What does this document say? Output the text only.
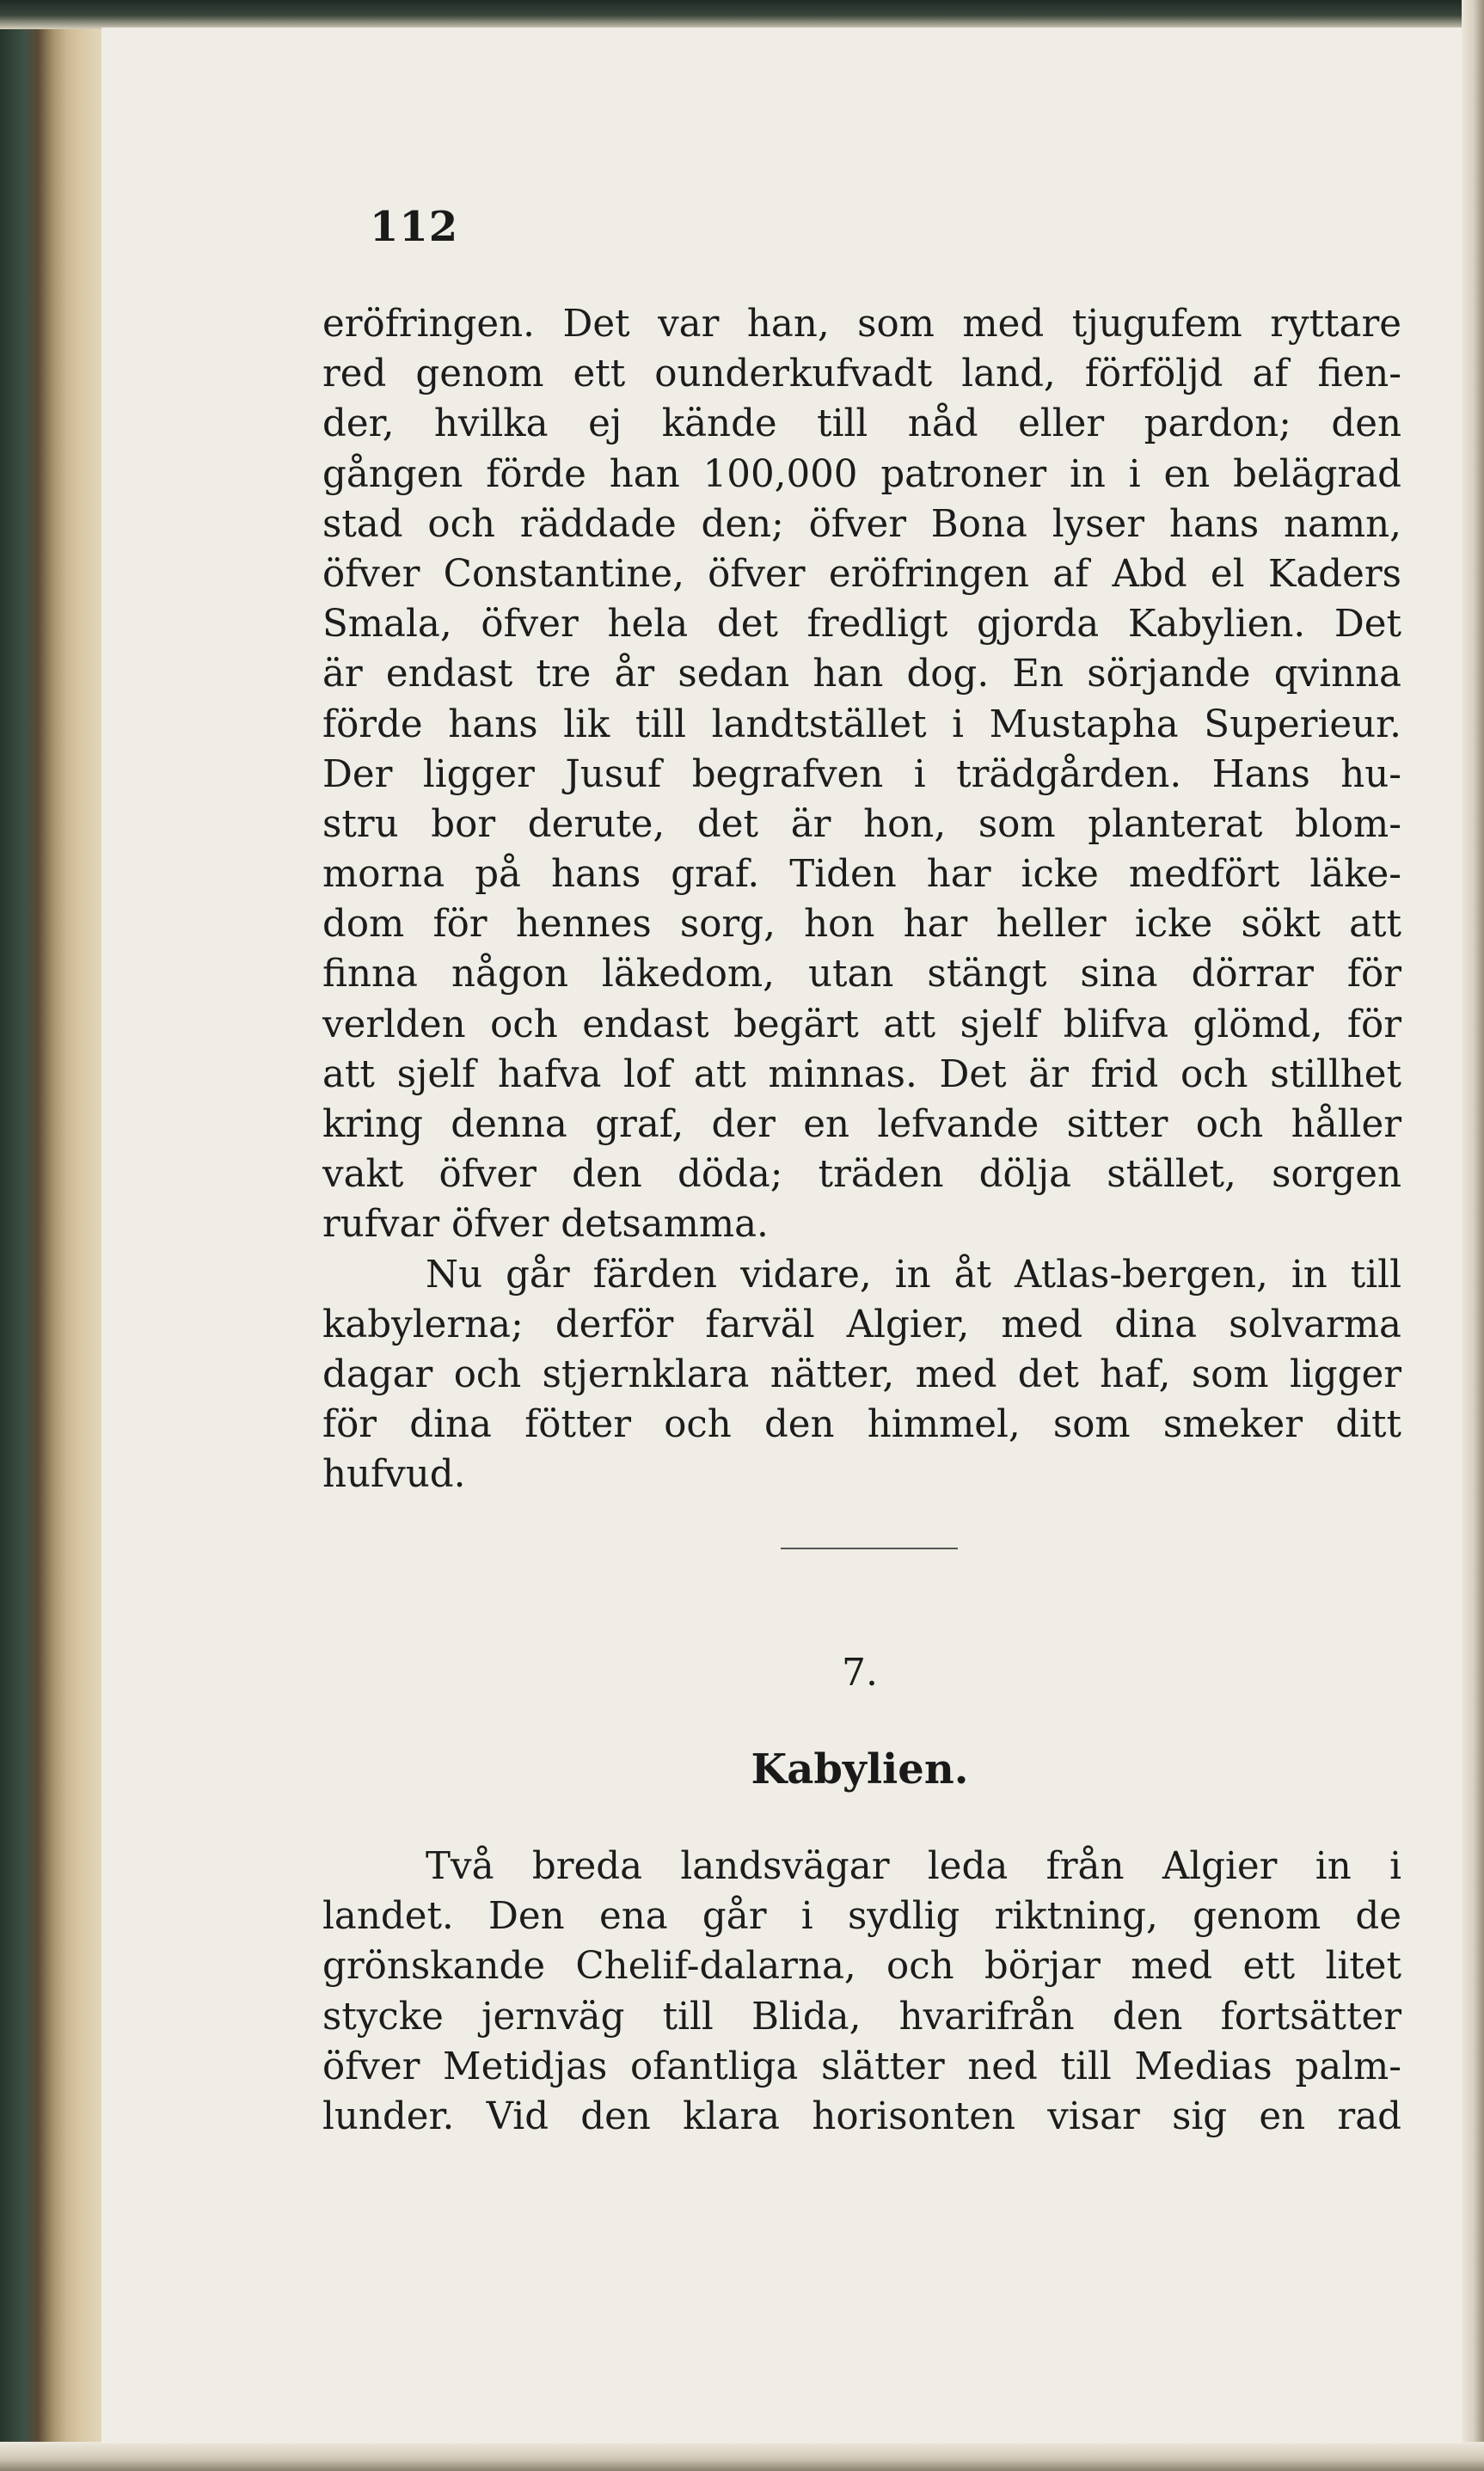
112
eröfringen. Det var han, som med tjugufem ryttare
red genom ett ounderkufvadt land, förföljd af fien-
der, hvilka ej kände till nåd eller pardon; den
gången förde han 100,000 patroner in i en belägrad
stad och räddade den; öfver Bona lyser hans namn,
öfver Constantine, öfver eröfringen af Abd el Kaders
Smala, öfver hela det fredligt gjorda Kabylien. Det
är endast tre år sedan han dog. En sörjande qvinna
förde hans lik till landtstället i Mustapha Superieur.
Der ligger Jusuf begrafven i trädgården. Hans hu-
stru bor derute, det är hon, som planterat blom-
morna på hans graf. Tiden har icke medfört läke-
dom för hennes sorg, hon har heller icke sökt att
finna någon läkedom, utan stängt sina dörrar för
verlden och endast begärt att sjelf blifva glömd, för
att sjelf hafva lof att minnas. Det är frid och stillhet
kring denna graf, der en lefvande sitter och håller
vakt öfver den döda; träden dölja stället, sorgen
rufvar öfver detsamma.
Nu går färden vidare, in åt Atlas-bergen, in till
kabylerna; derför farväl Algier, med dina solvarma
dagar och stjernklara nätter, med det haf, som ligger
för dina fötter och den himmel, som smeker ditt
hufvud.
7.
Kabylien.
Två breda landsvägar leda från Algier in i
landet. Den ena går i sydlig riktning, genom de
grönskande Chelif-dalarna, och börjar med ett litet
stycke jernväg till Blida, hvarifrån den fortsätter
öfver Metidjas ofantliga slätter ned till Medias palm-
lunder. Vid den klara horisonten visar sig en rad
